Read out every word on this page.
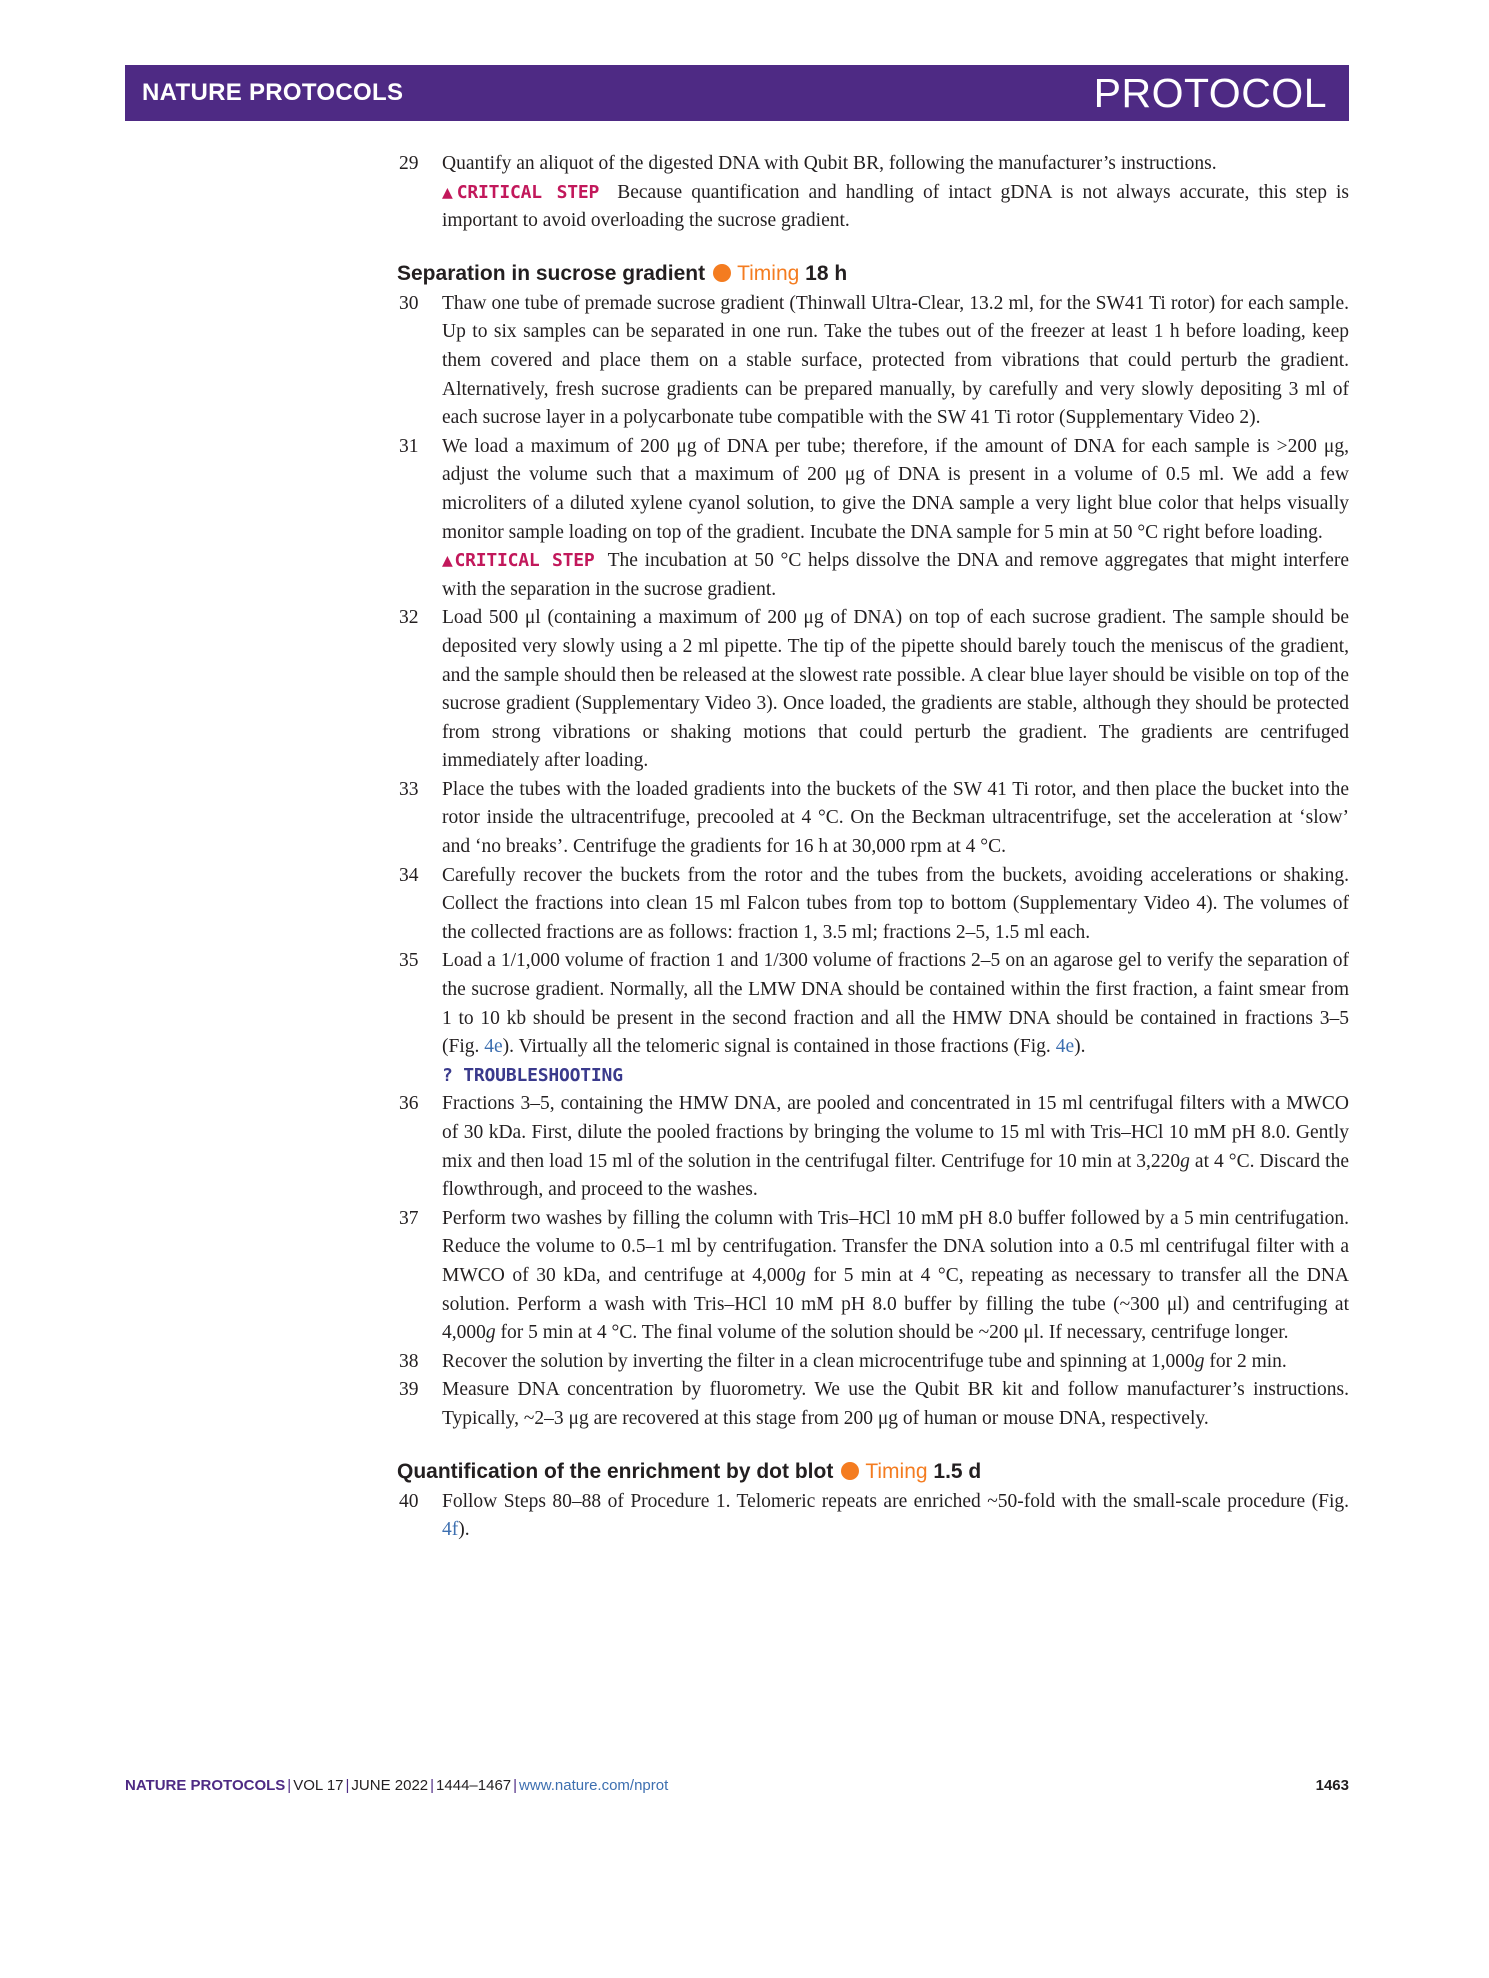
NATURE PROTOCOLS	PROTOCOL
29 Quantify an aliquot of the digested DNA with Qubit BR, following the manufacturer’s instructions.
▲CRITICAL STEP Because quantification and handling of intact gDNA is not always accurate, this step is important to avoid overloading the sucrose gradient.
Separation in sucrose gradient Timing 18 h
30 Thaw one tube of premade sucrose gradient (Thinwall Ultra-Clear, 13.2 ml, for the SW41 Ti rotor) for each sample. Up to six samples can be separated in one run. Take the tubes out of the freezer at least 1 h before loading, keep them covered and place them on a stable surface, protected from vibrations that could perturb the gradient. Alternatively, fresh sucrose gradients can be prepared manually, by carefully and very slowly depositing 3 ml of each sucrose layer in a polycarbonate tube compatible with the SW 41 Ti rotor (Supplementary Video 2).
31 We load a maximum of 200 μg of DNA per tube; therefore, if the amount of DNA for each sample is >200 μg, adjust the volume such that a maximum of 200 μg of DNA is present in a volume of 0.5 ml. We add a few microliters of a diluted xylene cyanol solution, to give the DNA sample a very light blue color that helps visually monitor sample loading on top of the gradient. Incubate the DNA sample for 5 min at 50 °C right before loading.
▲CRITICAL STEP The incubation at 50 °C helps dissolve the DNA and remove aggregates that might interfere with the separation in the sucrose gradient.
32 Load 500 μl (containing a maximum of 200 μg of DNA) on top of each sucrose gradient. The sample should be deposited very slowly using a 2 ml pipette. The tip of the pipette should barely touch the meniscus of the gradient, and the sample should then be released at the slowest rate possible. A clear blue layer should be visible on top of the sucrose gradient (Supplementary Video 3). Once loaded, the gradients are stable, although they should be protected from strong vibrations or shaking motions that could perturb the gradient. The gradients are centrifuged immediately after loading.
33 Place the tubes with the loaded gradients into the buckets of the SW 41 Ti rotor, and then place the bucket into the rotor inside the ultracentrifuge, precooled at 4 °C. On the Beckman ultracentrifuge, set the acceleration at ‘slow’ and ‘no breaks’. Centrifuge the gradients for 16 h at 30,000 rpm at 4 °C.
34 Carefully recover the buckets from the rotor and the tubes from the buckets, avoiding accelerations or shaking. Collect the fractions into clean 15 ml Falcon tubes from top to bottom (Supplementary Video 4). The volumes of the collected fractions are as follows: fraction 1, 3.5 ml; fractions 2–5, 1.5 ml each.
35 Load a 1/1,000 volume of fraction 1 and 1/300 volume of fractions 2–5 on an agarose gel to verify the separation of the sucrose gradient. Normally, all the LMW DNA should be contained within the first fraction, a faint smear from 1 to 10 kb should be present in the second fraction and all the HMW DNA should be contained in fractions 3–5 (Fig. 4e). Virtually all the telomeric signal is contained in those fractions (Fig. 4e).
? TROUBLESHOOTING
36 Fractions 3–5, containing the HMW DNA, are pooled and concentrated in 15 ml centrifugal filters with a MWCO of 30 kDa. First, dilute the pooled fractions by bringing the volume to 15 ml with Tris–HCl 10 mM pH 8.0. Gently mix and then load 15 ml of the solution in the centrifugal filter. Centrifuge for 10 min at 3,220g at 4 °C. Discard the flowthrough, and proceed to the washes.
37 Perform two washes by filling the column with Tris–HCl 10 mM pH 8.0 buffer followed by a 5 min centrifugation. Reduce the volume to 0.5–1 ml by centrifugation. Transfer the DNA solution into a 0.5 ml centrifugal filter with a MWCO of 30 kDa, and centrifuge at 4,000g for 5 min at 4 °C, repeating as necessary to transfer all the DNA solution. Perform a wash with Tris–HCl 10 mM pH 8.0 buffer by filling the tube (~300 μl) and centrifuging at 4,000g for 5 min at 4 °C. The final volume of the solution should be ~200 μl. If necessary, centrifuge longer.
38 Recover the solution by inverting the filter in a clean microcentrifuge tube and spinning at 1,000g for 2 min.
39 Measure DNA concentration by fluorometry. We use the Qubit BR kit and follow manufacturer’s instructions. Typically, ~2–3 μg are recovered at this stage from 200 μg of human or mouse DNA, respectively.
Quantification of the enrichment by dot blot Timing 1.5 d
40 Follow Steps 80–88 of Procedure 1. Telomeric repeats are enriched ~50-fold with the small-scale procedure (Fig. 4f).
NATURE PROTOCOLS | VOL 17 | JUNE 2022 | 1444–1467 | www.nature.com/nprot	1463
